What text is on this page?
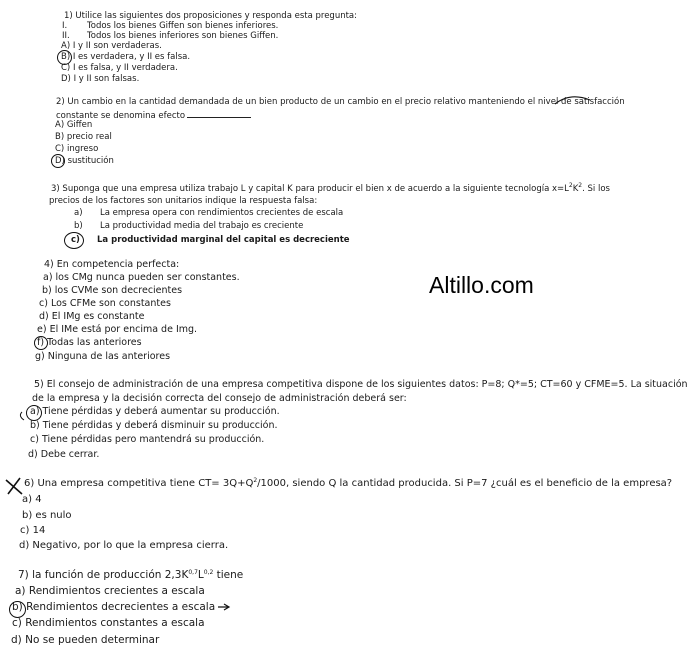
1) Utilice las siguientes dos proposiciones y responda esta pregunta:
I. Todos los bienes Giffen son bienes inferiores.
II. Todos los bienes inferiores son bienes Giffen.
A) I y II son verdaderas.
B) I es verdadera, y II es falsa.
C) I es falsa, y II verdadera.
D) I y II son falsas.
2) Un cambio en la cantidad demandada de un bien producto de un cambio en el precio relativo manteniendo el nivel de satisfacción
constante se denomina efecto
A) Giffen
B) precio real
C) ingreso
D) sustitución
3) Suponga que una empresa utiliza trabajo L y capital K para producir el bien x de acuerdo a la siguiente tecnología $x=L^2K^2$. Si los
precios de los factores son unitarios indique la respuesta falsa:
a) La empresa opera con rendimientos crecientes de escala
b) La productividad media del trabajo es creciente
c) La productividad marginal del capital es decreciente
4) En competencia perfecta:
a) los CMg nunca pueden ser constantes.
b) los CVMe son decrecientes
c) Los CFMe son constantes
d) El IMg es constante
e) El IMe está por encima de Img.
f) Todas las anteriores
g) Ninguna de las anteriores
Altillo.com
5) El consejo de administración de una empresa competitiva dispone de los siguientes datos: P=8; Q*=5; CT=60 y CFME=5. La situación
de la empresa y la decisión correcta del consejo de administración deberá ser:
a) Tiene pérdidas y deberá aumentar su producción.
b) Tiene pérdidas y deberá disminuir su producción.
c) Tiene pérdidas pero mantendrá su producción.
d) Debe cerrar.
6) Una empresa competitiva tiene $CT= 3Q+Q^2/1000$, siendo Q la cantidad producida. Si P=7 ¿cuál es el beneficio de la empresa?
a) 4
b) es nulo
c) 14
d) Negativo, por lo que la empresa cierra.
7) la función de producción $2,3K^{0,7}L^{0,2}$ tiene
a) Rendimientos crecientes a escala
b) Rendimientos decrecientes a escala
c) Rendimientos constantes a escala
d) No se pueden determinar
